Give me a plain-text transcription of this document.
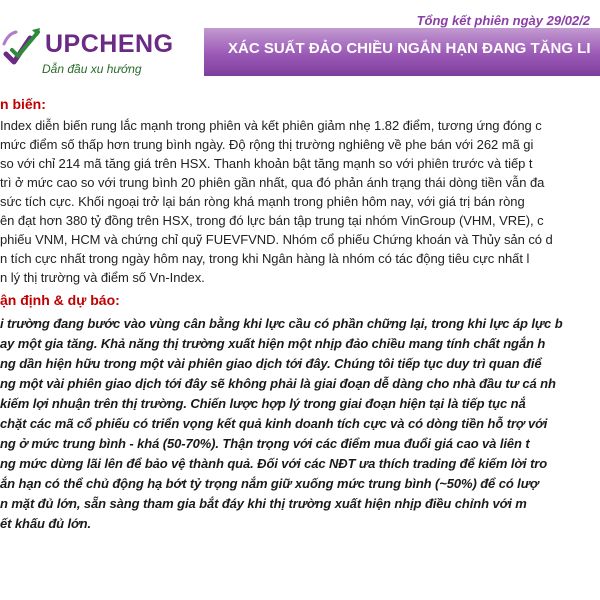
UPCHENG
Dẫn đầu xu hướng
Tổng kết phiên ngày 29/02/2
XÁC SUẤT ĐẢO CHIỀU NGẮN HẠN ĐANG TĂNG LI
n biến:
Index diễn biến rung lắc mạnh trong phiên và kết phiên giảm nhẹ 1.82 điểm, tương ứng đóng c
mức điểm số thấp hơn trung bình ngày. Độ rộng thị trường nghiêng về phe bán với 262 mã gi
so với chỉ 214 mã tăng giá trên HSX. Thanh khoản bật tăng mạnh so với phiên trước và tiếp t
trì ở mức cao so với trung bình 20 phiên gần nhất, qua đó phản ánh trạng thái dòng tiền vẫn đa
sức tích cực. Khối ngoại trở lại bán ròng khá mạnh trong phiên hôm nay, với giá trị bán ròng
ên đạt hơn 380 tỷ đồng trên HSX, trong đó lực bán tập trung tại nhóm VinGroup (VHM, VRE), c
phiếu VNM, HCM và chứng chỉ quỹ FUEVFVND. Nhóm cổ phiếu Chứng khoán và Thủy sản có d
n tích cực nhất trong ngày hôm nay, trong khi Ngân hàng là nhóm có tác động tiêu cực nhất l
n lý thị trường và điểm số Vn-Index.
ận định & dự báo:
i trường đang bước vào vùng cân bằng khi lực cầu có phần chững lại, trong khi lực áp lực b
ay một gia tăng. Khả năng thị trường xuất hiện một nhịp đảo chiều mang tính chất ngắn h
ng dần hiện hữu trong một vài phiên giao dịch tới đây. Chúng tôi tiếp tục duy trì quan điể
ng một vài phiên giao dịch tới đây sẽ không phải là giai đoạn dễ dàng cho nhà đầu tư cá nh
kiếm lợi nhuận trên thị trường. Chiến lược hợp lý trong giai đoạn hiện tại là tiếp tục nắ
chặt các mã cổ phiếu có triển vọng kết quả kinh doanh tích cực và có dòng tiền hỗ trợ với
ng ở mức trung bình - khá (50-70%). Thận trọng với các điểm mua đuổi giá cao và liên t
ng mức dừng lãi lên để bảo vệ thành quả. Đối với các NĐT ưa thích trading để kiếm lời tro
ắn hạn có thể chủ động hạ bớt tỷ trọng nắm giữ xuống mức trung bình (~50%) để có lượ
n mặt đủ lớn, sẵn sàng tham gia bắt đáy khi thị trường xuất hiện nhịp điều chỉnh với m
ết khấu đủ lớn.
